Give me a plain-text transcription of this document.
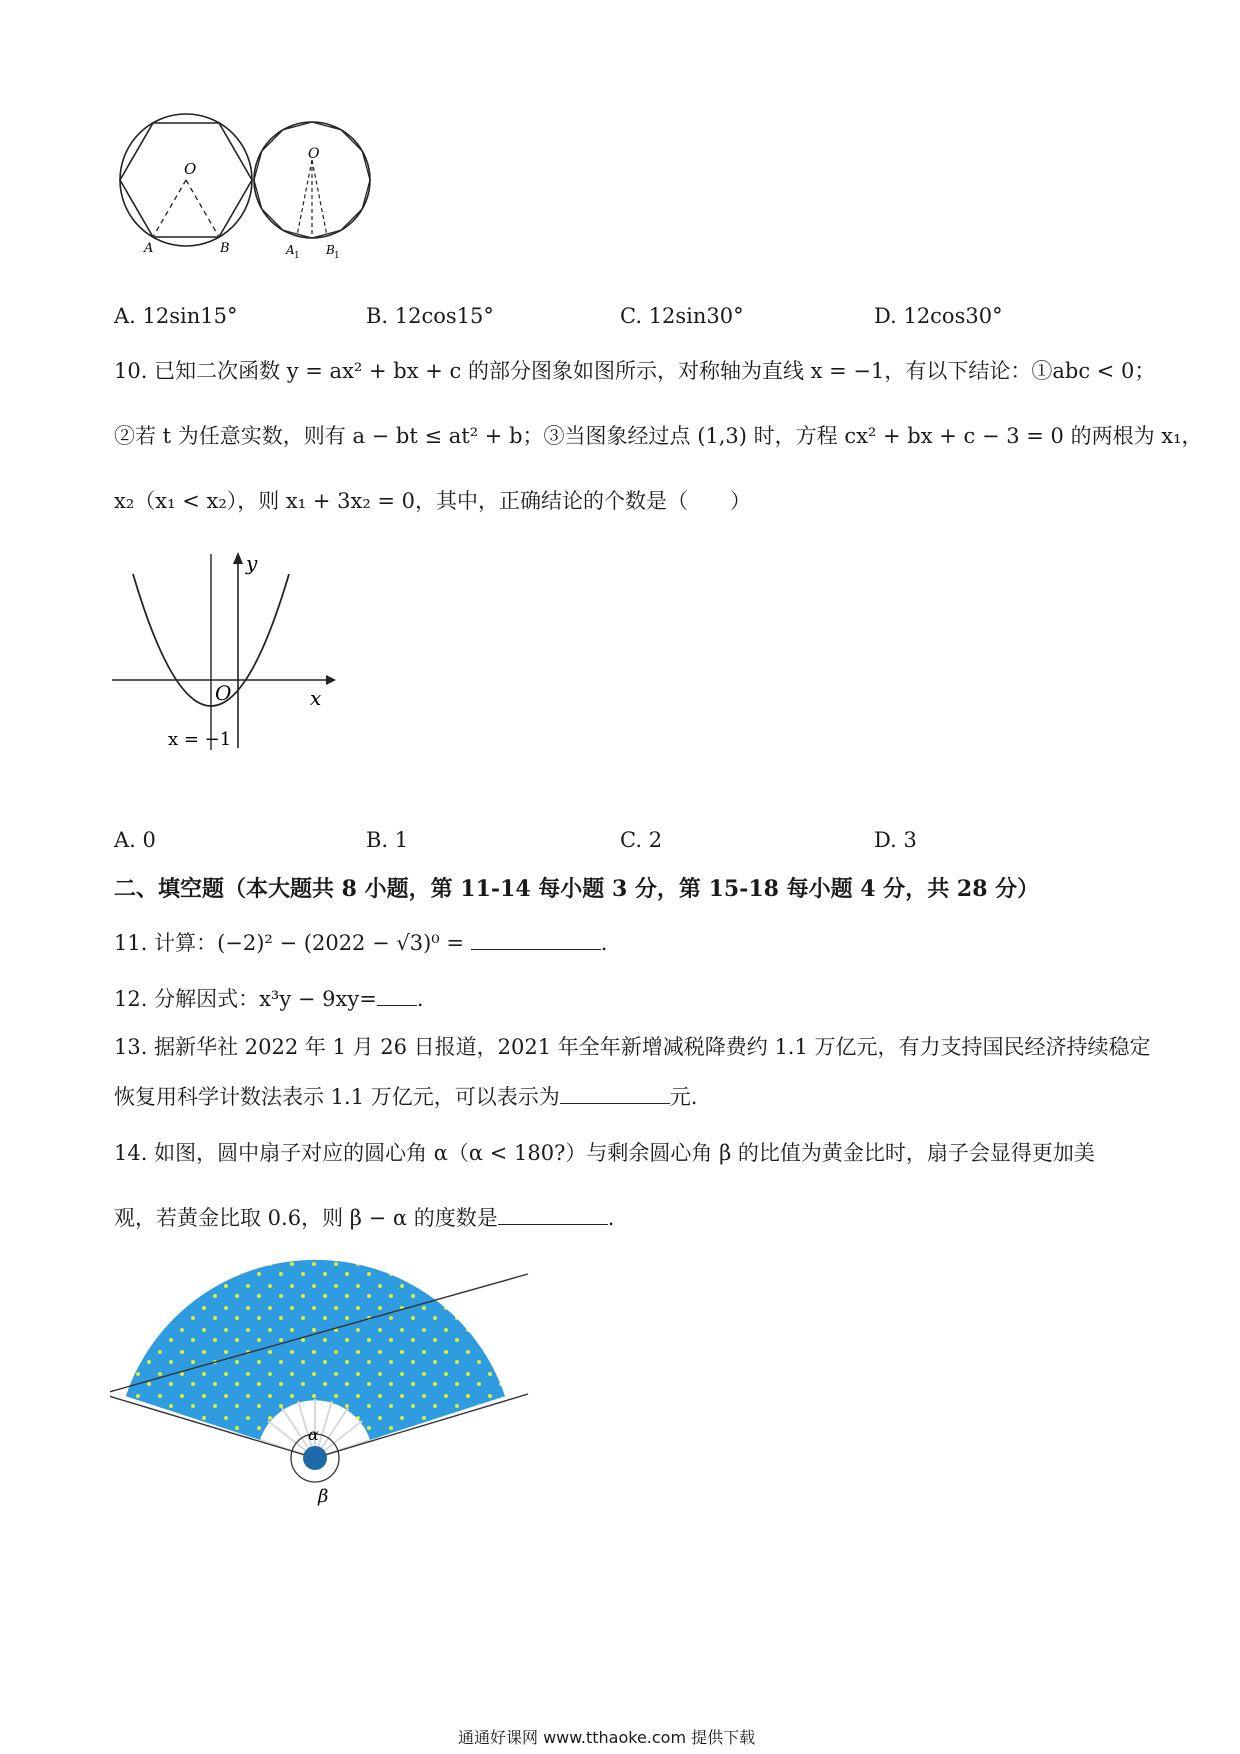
O
A	B
O
A 1 B 1
A. 12sin15°	B. 12cos15°	C. 12sin30°	D. 12cos30°
10. 已知二次函数 y = ax² + bx + c 的部分图象如图所示，对称轴为直线 x = −1，有以下结论：①abc < 0；
②若 t 为任意实数，则有 a − bt ≤ at² + b；③当图象经过点 (1,3) 时，方程 cx² + bx + c − 3 = 0 的两根为 x₁，
x₂（x₁ < x₂），则 x₁ + 3x₂ = 0，其中，正确结论的个数是（　　）
y
x
O
x = −1
A. 0	B. 1	C. 2	D. 3
二、填空题（本大题共 8 小题，第 11-14 每小题 3 分，第 15-18 每小题 4 分，共 28 分）
11. 计算：(−2)² − (2022 − √3)⁰ =	.
12. 分解因式：x³y − 9xy= .
13. 据新华社 2022 年 1 月 26 日报道，2021 年全年新增减税降费约 1.1 万亿元，有力支持国民经济持续稳定
恢复用科学计数法表示 1.1 万亿元，可以表示为	元.
14. 如图，圆中扇子对应的圆心角 α（α < 180?）与剩余圆心角 β 的比值为黄金比时，扇子会显得更加美
观，若黄金比取 0.6，则 β − α 的度数是	.
α
β
通通好课网 www.tthaoke.com 提供下载
